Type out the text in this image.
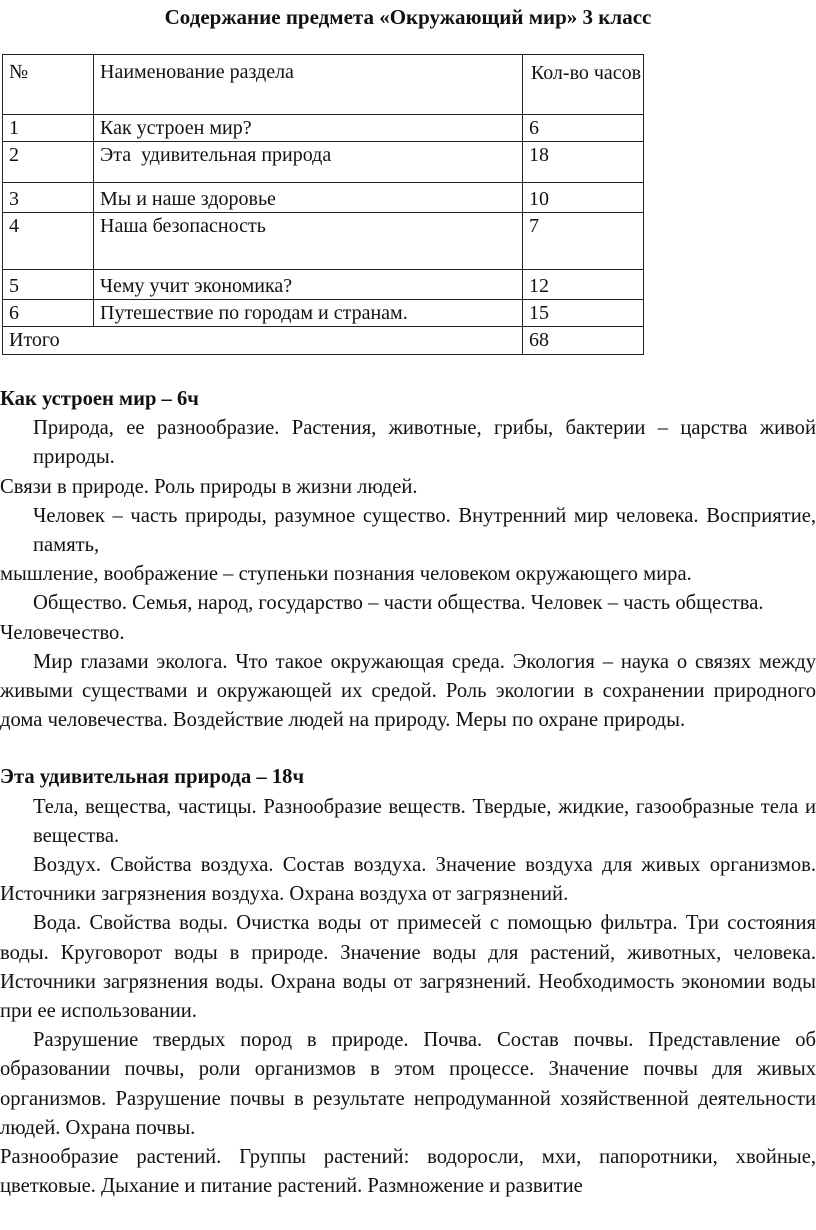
Содержание предмета «Окружающий мир» 3 класс
№	Наименование раздела	Кол-во часов
1	Как устроен мир?	6
2	Эта  удивительная природа	18
3	Мы и наше здоровье	10
4	Наша безопасность	7
5	Чему учит экономика?	12
6	Путешествие по городам и странам.	15
Итого		68

Как устроен мир – 6ч

Природа, ее разнообразие. Растения, животные, грибы, бактерии – царства живой природы.

Связи в природе. Роль природы в жизни людей.

Человек – часть природы, разумное существо. Внутренний мир человека. Восприятие, память,

мышление, воображение – ступеньки познания человеком окружающего мира.

Общество. Семья, народ, государство – части общества. Человек – часть общества.

Человечество.

Мир глазами эколога. Что такое окружающая среда. Экология – наука о связях между живыми существами и окружающей их средой. Роль экологии в сохранении природного дома человечества. Воздействие людей на природу. Меры по охране природы.

Эта удивительная природа – 18ч

Тела, вещества, частицы. Разнообразие веществ. Твердые, жидкие, газообразные тела и вещества.

Воздух. Свойства воздуха. Состав воздуха. Значение воздуха для живых организмов. Источники загрязнения воздуха. Охрана воздуха от загрязнений.

Вода. Свойства воды. Очистка воды от примесей с помощью фильтра. Три состояния воды. Круговорот воды в природе. Значение воды для растений, животных, человека. Источники загрязнения воды. Охрана воды от загрязнений. Необходимость экономии воды при ее использовании.

Разрушение твердых пород в природе. Почва. Состав почвы. Представление об образовании почвы, роли организмов в этом процессе. Значение почвы для живых организмов. Разрушение почвы в результате непродуманной хозяйственной деятельности людей. Охрана почвы.

Разнообразие растений. Группы растений: водоросли, мхи, папоротники, хвойные, цветковые. Дыхание и питание растений. Размножение и развитие
